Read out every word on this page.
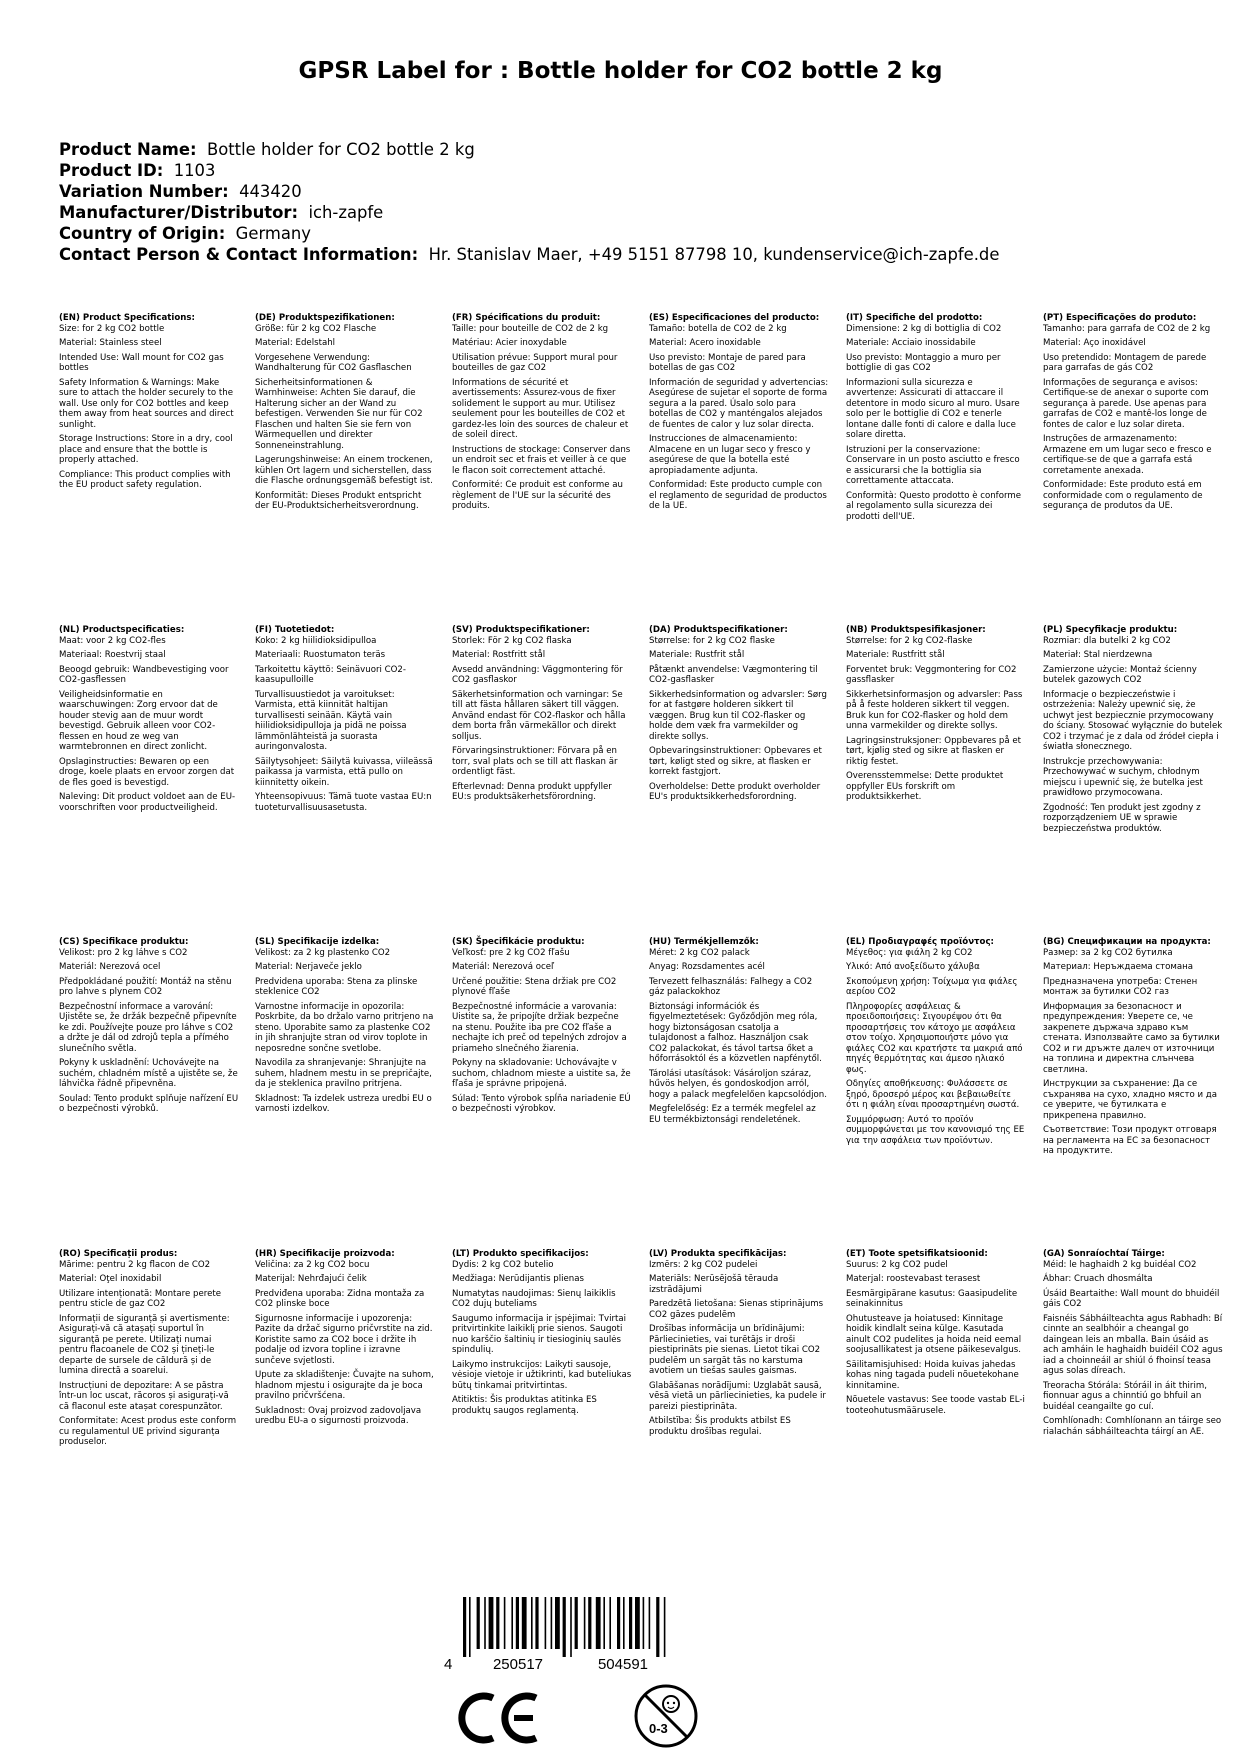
GPSR Label for : Bottle holder for CO2 bottle 2 kg
Product Name: Bottle holder for CO2 bottle 2 kg
Product ID: 1103
Variation Number: 443420
Manufacturer/Distributor: ich-zapfe
Country of Origin: Germany
Contact Person & Contact Information: Hr. Stanislav Maer, +49 5151 87798 10, kundenservice@ich-zapfe.de
(EN) Product Specifications:

Size: for 2 kg CO2 bottle

Material: Stainless steel

Intended Use: Wall mount for CO2 gas bottles

Safety Information & Warnings: Make sure to attach the holder securely to the wall. Use only for CO2 bottles and keep them away from heat sources and direct sunlight.

Storage Instructions: Store in a dry, cool place and ensure that the bottle is properly attached.

Compliance: This product complies with the EU product safety regulation.

(DE) Produktspezifikationen:

Größe: für 2 kg CO2 Flasche

Material: Edelstahl

Vorgesehene Verwendung: Wandhalterung für CO2 Gasflaschen

Sicherheitsinformationen & Warnhinweise: Achten Sie darauf, die Halterung sicher an der Wand zu befestigen. Verwenden Sie nur für CO2 Flaschen und halten Sie sie fern von Wärmequellen und direkter Sonneneinstrahlung.

Lagerungshinweise: An einem trockenen, kühlen Ort lagern und sicherstellen, dass die Flasche ordnungsgemäß befestigt ist.

Konformität: Dieses Produkt entspricht der EU-Produktsicherheitsverordnung.

(FR) Spécifications du produit:

Taille: pour bouteille de CO2 de 2 kg

Matériau: Acier inoxydable

Utilisation prévue: Support mural pour bouteilles de gaz CO2

Informations de sécurité et avertissements: Assurez-vous de fixer solidement le support au mur. Utilisez seulement pour les bouteilles de CO2 et gardez-les loin des sources de chaleur et de soleil direct.

Instructions de stockage: Conserver dans un endroit sec et frais et veiller à ce que le flacon soit correctement attaché.

Conformité: Ce produit est conforme au règlement de l'UE sur la sécurité des produits.

(ES) Especificaciones del producto:

Tamaño: botella de CO2 de 2 kg

Material: Acero inoxidable

Uso previsto: Montaje de pared para botellas de gas CO2

Información de seguridad y advertencias: Asegúrese de sujetar el soporte de forma segura a la pared. Úsalo solo para botellas de CO2 y manténgalos alejados de fuentes de calor y luz solar directa.

Instrucciones de almacenamiento: Almacene en un lugar seco y fresco y asegúrese de que la botella esté apropiadamente adjunta.

Conformidad: Este producto cumple con el reglamento de seguridad de productos de la UE.

(IT) Specifiche del prodotto:

Dimensione: 2 kg di bottiglia di CO2

Materiale: Acciaio inossidabile

Uso previsto: Montaggio a muro per bottiglie di gas CO2

Informazioni sulla sicurezza e avvertenze: Assicurati di attaccare il detentore in modo sicuro al muro. Usare solo per le bottiglie di CO2 e tenerle lontane dalle fonti di calore e dalla luce solare diretta.

Istruzioni per la conservazione: Conservare in un posto asciutto e fresco e assicurarsi che la bottiglia sia correttamente attaccata.

Conformità: Questo prodotto è conforme al regolamento sulla sicurezza dei prodotti dell'UE.

(PT) Especificações do produto:

Tamanho: para garrafa de CO2 de 2 kg

Material: Aço inoxidável

Uso pretendido: Montagem de parede para garrafas de gás CO2

Informações de segurança e avisos: Certifique-se de anexar o suporte com segurança à parede. Use apenas para garrafas de CO2 e mantê-los longe de fontes de calor e luz solar direta.

Instruções de armazenamento: Armazene em um lugar seco e fresco e certifique-se de que a garrafa está corretamente anexada.

Conformidade: Este produto está em conformidade com o regulamento de segurança de produtos da UE.

(NL) Productspecificaties:

Maat: voor 2 kg CO2-fles

Materiaal: Roestvrij staal

Beoogd gebruik: Wandbevestiging voor CO2-gasflessen

Veiligheidsinformatie en waarschuwingen: Zorg ervoor dat de houder stevig aan de muur wordt bevestigd. Gebruik alleen voor CO2-flessen en houd ze weg van warmtebronnen en direct zonlicht.

Opslaginstructies: Bewaren op een droge, koele plaats en ervoor zorgen dat de fles goed is bevestigd.

Naleving: Dit product voldoet aan de EU-voorschriften voor productveiligheid.

(FI) Tuotetiedot:

Koko: 2 kg hiilidioksidipulloa

Materiaali: Ruostumaton teräs

Tarkoitettu käyttö: Seinävuori CO2-kaasupulloille

Turvallisuustiedot ja varoitukset: Varmista, että kiinnität haltijan turvallisesti seinään. Käytä vain hiilidioksidipulloja ja pidä ne poissa lämmönlähteistä ja suorasta auringonvalosta.

Säilytysohjeet: Säilytä kuivassa, viileässä paikassa ja varmista, että pullo on kiinnitetty oikein.

Yhteensopivuus: Tämä tuote vastaa EU:n tuoteturvallisuusasetusta.

(SV) Produktspecifikationer:

Storlek: För 2 kg CO2 flaska

Material: Rostfritt stål

Avsedd användning: Väggmontering för CO2 gasflaskor

Säkerhetsinformation och varningar: Se till att fästa hållaren säkert till väggen. Använd endast för CO2-flaskor och hålla dem borta från värmekällor och direkt solljus.

Förvaringsinstruktioner: Förvara på en torr, sval plats och se till att flaskan är ordentligt fäst.

Efterlevnad: Denna produkt uppfyller EU:s produktsäkerhetsförordning.

(DA) Produktspecifikationer:

Størrelse: for 2 kg CO2 flaske

Materiale: Rustfrit stål

Påtænkt anvendelse: Vægmontering til CO2-gasflasker

Sikkerhedsinformation og advarsler: Sørg for at fastgøre holderen sikkert til væggen. Brug kun til CO2-flasker og holde dem væk fra varmekilder og direkte sollys.

Opbevaringsinstruktioner: Opbevares et tørt, køligt sted og sikre, at flasken er korrekt fastgjort.

Overholdelse: Dette produkt overholder EU's produktsikkerhedsforordning.

(NB) Produktspesifikasjoner:

Størrelse: for 2 kg CO2-flaske

Materiale: Rustfritt stål

Forventet bruk: Veggmontering for CO2 gassflasker

Sikkerhetsinformasjon og advarsler: Pass på å feste holderen sikkert til veggen. Bruk kun for CO2-flasker og hold dem unna varmekilder og direkte sollys.

Lagringsinstruksjoner: Oppbevares på et tørt, kjølig sted og sikre at flasken er riktig festet.

Overensstemmelse: Dette produktet oppfyller EUs forskrift om produktsikkerhet.

(PL) Specyfikacje produktu:

Rozmiar: dla butelki 2 kg CO2

Materiał: Stal nierdzewna

Zamierzone użycie: Montaż ścienny butelek gazowych CO2

Informacje o bezpieczeństwie i ostrzeżenia: Należy upewnić się, że uchwyt jest bezpiecznie przymocowany do ściany. Stosować wyłącznie do butelek CO2 i trzymać je z dala od źródeł ciepła i światła słonecznego.

Instrukcje przechowywania: Przechowywać w suchym, chłodnym miejscu i upewnić się, że butelka jest prawidłowo przymocowana.

Zgodność: Ten produkt jest zgodny z rozporządzeniem UE w sprawie bezpieczeństwa produktów.

(CS) Specifikace produktu:

Velikost: pro 2 kg láhve s CO2

Materiál: Nerezová ocel

Předpokládané použití: Montáž na stěnu pro lahve s plynem CO2

Bezpečnostní informace a varování: Ujistěte se, že držák bezpečně připevníte ke zdi. Používejte pouze pro láhve s CO2 a držte je dál od zdrojů tepla a přímého slunečního světla.

Pokyny k uskladnění: Uchovávejte na suchém, chladném místě a ujistěte se, že láhvička řádně připevněna.

Soulad: Tento produkt splňuje nařízení EU o bezpečnosti výrobků.

(SL) Specifikacije izdelka:

Velikost: za 2 kg plastenko CO2

Material: Nerjaveče jeklo

Predvidena uporaba: Stena za plinske steklenice CO2

Varnostne informacije in opozorila: Poskrbite, da bo držalo varno pritrjeno na steno. Uporabite samo za plastenke CO2 in jih shranjujte stran od virov toplote in neposredne sončne svetlobe.

Navodila za shranjevanje: Shranjujte na suhem, hladnem mestu in se prepričajte, da je steklenica pravilno pritrjena.

Skladnost: Ta izdelek ustreza uredbi EU o varnosti izdelkov.

(SK) Špecifikácie produktu:

Veľkosť: pre 2 kg CO2 fľašu

Materiál: Nerezová oceľ

Určené použitie: Stena držiak pre CO2 plynové fľaše

Bezpečnostné informácie a varovania: Uistite sa, že pripojíte držiak bezpečne na stenu. Použite iba pre CO2 fľaše a nechajte ich preč od tepelných zdrojov a priameho slnečného žiarenia.

Pokyny na skladovanie: Uchovávajte v suchom, chladnom mieste a uistite sa, že fľaša je správne pripojená.

Súlad: Tento výrobok spĺňa nariadenie EÚ o bezpečnosti výrobkov.

(HU) Termékjellemzők:

Méret: 2 kg CO2 palack

Anyag: Rozsdamentes acél

Tervezett felhasználás: Falhegy a CO2 gáz palackokhoz

Biztonsági információk és figyelmeztetések: Győződjön meg róla, hogy biztonságosan csatolja a tulajdonost a falhoz. Használjon csak CO2 palackokat, és távol tartsa őket a hőforrásoktól és a közvetlen napfénytől.

Tárolási utasítások: Vásároljon száraz, hűvös helyen, és gondoskodjon arról, hogy a palack megfelelően kapcsolódjon.

Megfelelőség: Ez a termék megfelel az EU termékbiztonsági rendeletének.

(EL) Προδιαγραφές προϊόντος:

Μέγεθος: για φιάλη 2 kg CO2

Υλικό: Από ανοξείδωτο χάλυβα

Σκοπούμενη χρήση: Τοίχωμα για φιάλες αερίου CO2

Πληροφορίες ασφάλειας & προειδοποιήσεις: Σιγουρέψου ότι θα προσαρτήσεις τον κάτοχο με ασφάλεια στον τοίχο. Χρησιμοποιήστε μόνο για φιάλες CO2 και κρατήστε τα μακριά από πηγές θερμότητας και άμεσο ηλιακό φως.

Οδηγίες αποθήκευσης: Φυλάσσετε σε ξηρό, δροσερό μέρος και βεβαιωθείτε ότι η φιάλη είναι προσαρτημένη σωστά.

Συμμόρφωση: Αυτό το προϊόν συμμορφώνεται με τον κανονισμό της ΕΕ για την ασφάλεια των προϊόντων.

(BG) Спецификации на продукта:

Размер: за 2 kg CO2 бутилка

Материал: Неръждаема стомана

Предназначена употреба: Стенен монтаж за бутилки CO2 газ

Информация за безопасност и предупреждения: Уверете се, че закрепете държача здраво към стената. Използвайте само за бутилки CO2 и ги дръжте далеч от източници на топлина и директна слънчева светлина.

Инструкции за съхранение: Да се съхранява на сухо, хладно място и да се уверите, че бутилката е прикрепена правилно.

Съответствие: Този продукт отговаря на регламента на ЕС за безопасност на продуктите.

(RO) Specificații produs:

Mărime: pentru 2 kg flacon de CO2

Material: Oţel inoxidabil

Utilizare intenționată: Montare perete pentru sticle de gaz CO2

Informații de siguranță și avertismente: Asigurați-vă că atașați suportul în siguranță pe perete. Utilizați numai pentru flacoanele de CO2 și țineți-le departe de sursele de căldură și de lumina directă a soarelui.

Instrucțiuni de depozitare: A se păstra într-un loc uscat, răcoros și asigurați-vă că flaconul este atașat corespunzător.

Conformitate: Acest produs este conform cu regulamentul UE privind siguranța produselor.

(HR) Specifikacije proizvoda:

Veličina: za 2 kg CO2 bocu

Materijal: Nehrđajući čelik

Predviđena uporaba: Zidna montaža za CO2 plinske boce

Sigurnosne informacije i upozorenja: Pazite da držač sigurno pričvrstite na zid. Koristite samo za CO2 boce i držite ih podalje od izvora topline i izravne sunčeve svjetlosti.

Upute za skladištenje: Čuvajte na suhom, hladnom mjestu i osigurajte da je boca pravilno pričvršćena.

Sukladnost: Ovaj proizvod zadovoljava uredbu EU-a o sigurnosti proizvoda.

(LT) Produkto specifikacijos:

Dydis: 2 kg CO2 butelio

Medžiaga: Nerūdijantis plienas

Numatytas naudojimas: Sienų laikiklis CO2 dujų buteliams

Saugumo informacija ir įspėjimai: Tvirtai pritvirtinkite laikiklį prie sienos. Saugoti nuo karščio šaltinių ir tiesioginių saulės spindulių.

Laikymo instrukcijos: Laikyti sausoje, vėsioje vietoje ir užtikrinti, kad buteliukas būtų tinkamai pritvirtintas.

Atitiktis: Šis produktas atitinka ES produktų saugos reglamentą.

(LV) Produkta specifikācijas:

Izmērs: 2 kg CO2 pudelei

Materiāls: Nerūsējošā tērauda izstrādājumi

Paredzētā lietošana: Sienas stiprinājums CO2 gāzes pudelēm

Drošības informācija un brīdinājumi: Pārliecinieties, vai turētājs ir droši piestiprināts pie sienas. Lietot tikai CO2 pudelēm un sargāt tās no karstuma avotiem un tiešas saules gaismas.

Glabāšanas norādījumi: Uzglabāt sausā, vēsā vietā un pārliecinieties, ka pudele ir pareizi piestiprināta.

Atbilstība: Šis produkts atbilst ES produktu drošības regulai.

(ET) Toote spetsifikatsioonid:

Suurus: 2 kg CO2 pudel

Materjal: roostevabast terasest

Eesmärgipärane kasutus: Gaasipudelite seinakinnitus

Ohutusteave ja hoiatused: Kinnitage hoidik kindlalt seina külge. Kasutada ainult CO2 pudelites ja hoida neid eemal soojusallikatest ja otsene päikesevalgus.

Säilitamisjuhised: Hoida kuivas jahedas kohas ning tagada pudeli nõuetekohane kinnitamine.

Nõuetele vastavus: See toode vastab EL-i tooteohutusmäärusele.

(GA) Sonraíochtaí Táirge:

Méid: le haghaidh 2 kg buidéal CO2

Ábhar: Cruach dhosmálta

Úsáid Beartaithe: Wall mount do bhuidéil gáis CO2

Faisnéis Sábháilteachta agus Rabhadh: Bí cinnte an sealbhóir a cheangal go daingean leis an mballa. Bain úsáid as ach amháin le haghaidh buidéil CO2 agus iad a choinneáil ar shiúl ó fhoinsí teasa agus solas díreach.

Treoracha Stórála: Stóráil in áit thirim, fionnuar agus a chinntiú go bhfuil an buidéal ceangailte go cuí.

Comhlíonadh: Comhlíonann an táirge seo rialachán sábháilteachta táirgí an AE.

4	250517	504591
0-3
